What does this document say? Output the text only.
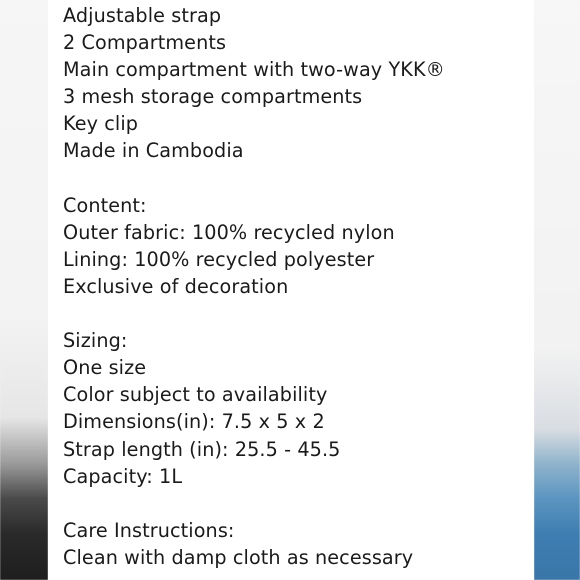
Adjustable strap
2 Compartments
Main compartment with two-way YKK®
3 mesh storage compartments
Key clip
Made in Cambodia
Content:
Outer fabric: 100% recycled nylon
Lining: 100% recycled polyester
Exclusive of decoration
Sizing:
One size
Color subject to availability
Dimensions(in): 7.5 x 5 x 2
Strap length (in): 25.5 - 45.5
Capacity: 1L
Care Instructions:
Clean with damp cloth as necessary
